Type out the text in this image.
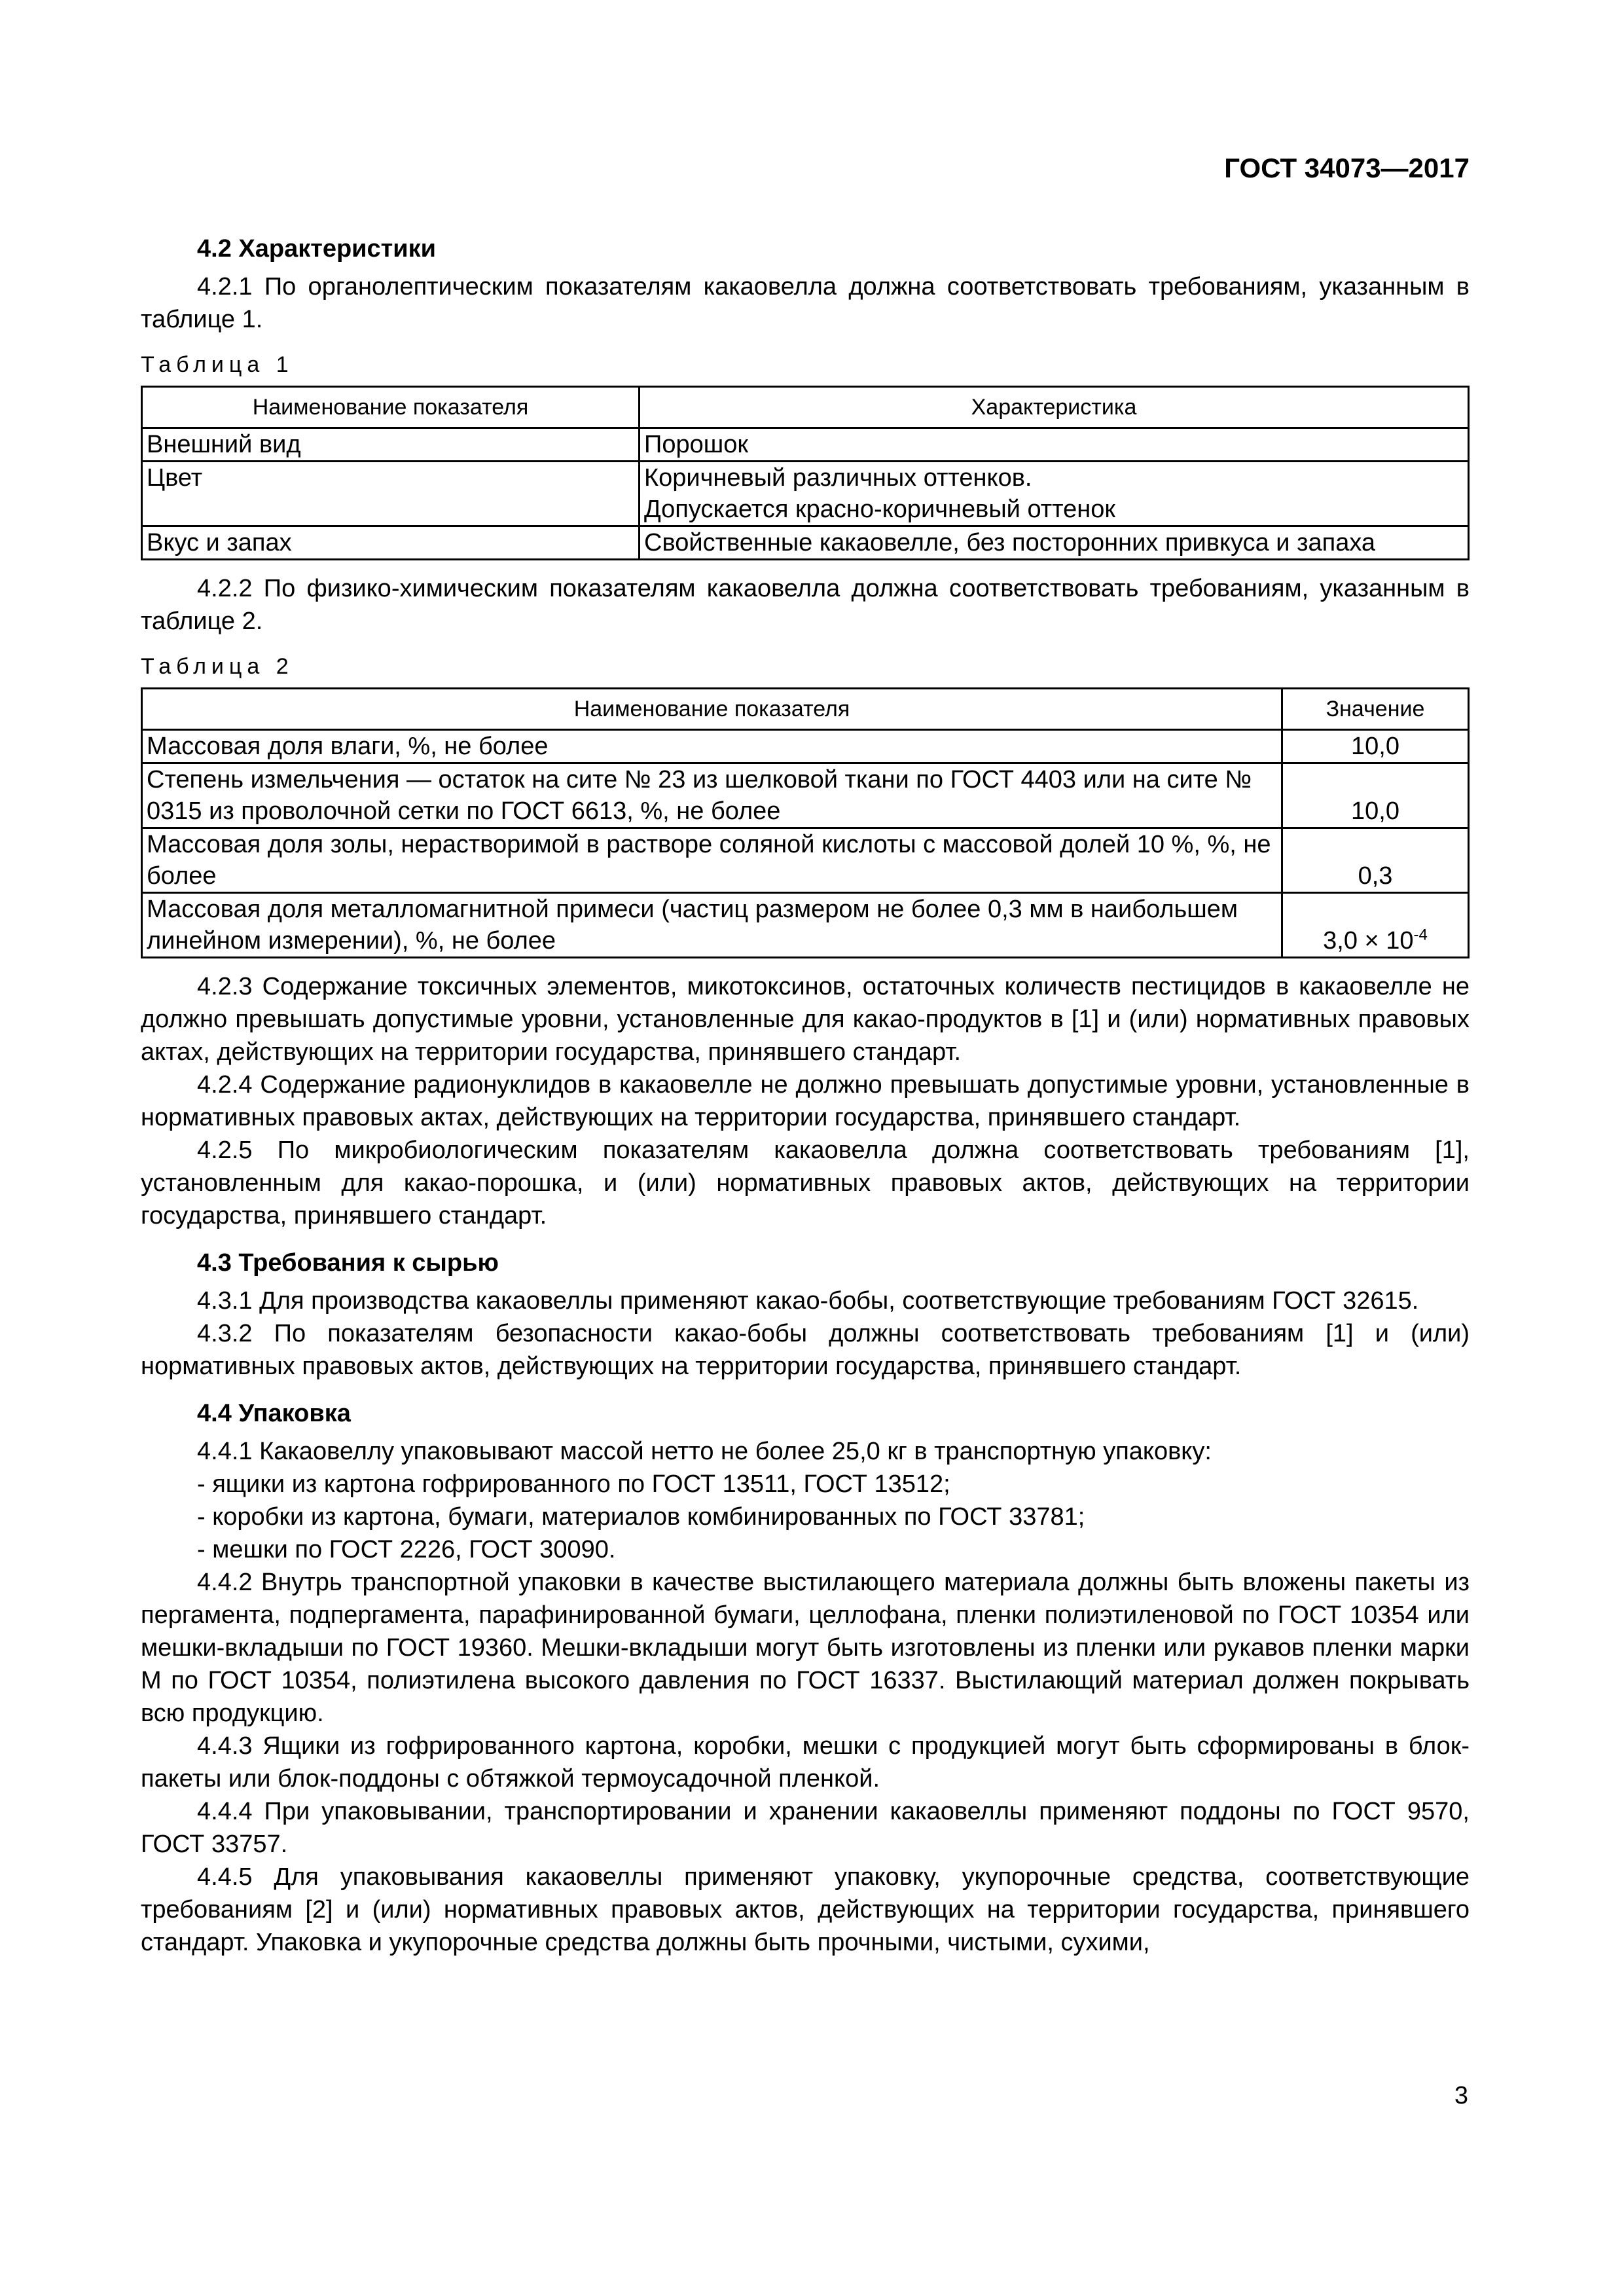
ГОСТ 34073—2017
4.2 Характеристики

4.2.1 По органолептическим показателям какаовелла должна соответствовать требованиям, указанным в таблице 1.

Таблица 1
Наименование показателя	Характеристика
Внешний вид	Порошок
Цвет	Коричневый различных оттенков.
Допускается красно-коричневый оттенок
Вкус и запах	Свойственные какаовелле, без посторонних привкуса и запаха

4.2.2 По физико-химическим показателям какаовелла должна соответствовать требованиям, указанным в таблице 2.

Таблица 2
Наименование показателя	Значение
Массовая доля влаги, %, не более	10,0
Степень измельчения — остаток на сите № 23 из шелковой ткани по ГОСТ 4403 или на сите № 0315 из проволочной сетки по ГОСТ 6613, %, не более	10,0
Массовая доля золы, нерастворимой в растворе соляной кислоты с массовой долей 10 %, %, не более	0,3
Массовая доля металломагнитной примеси (частиц размером не более 0,3 мм в наибольшем линейном измерении), %, не более	$3,0 \times 10^{-4}$

4.2.3 Содержание токсичных элементов, микотоксинов, остаточных количеств пестицидов в какаовелле не должно превышать допустимые уровни, установленные для какао-продуктов в [1] и (или) нормативных правовых актах, действующих на территории государства, принявшего стандарт.

4.2.4 Содержание радионуклидов в какаовелле не должно превышать допустимые уровни, установленные в нормативных правовых актах, действующих на территории государства, принявшего стандарт.

4.2.5 По микробиологическим показателям какаовелла должна соответствовать требованиям [1], установленным для какао-порошка, и (или) нормативных правовых актов, действующих на территории государства, принявшего стандарт.

4.3 Требования к сырью

4.3.1 Для производства какаовеллы применяют какао-бобы, соответствующие требованиям ГОСТ 32615.

4.3.2 По показателям безопасности какао-бобы должны соответствовать требованиям [1] и (или) нормативных правовых актов, действующих на территории государства, принявшего стандарт.

4.4 Упаковка

4.4.1 Какаовеллу упаковывают массой нетто не более 25,0 кг в транспортную упаковку:

- ящики из картона гофрированного по ГОСТ 13511, ГОСТ 13512;

- коробки из картона, бумаги, материалов комбинированных по ГОСТ 33781;

- мешки по ГОСТ 2226, ГОСТ 30090.

4.4.2 Внутрь транспортной упаковки в качестве выстилающего материала должны быть вложены пакеты из пергамента, подпергамента, парафинированной бумаги, целлофана, пленки полиэтиленовой по ГОСТ 10354 или мешки-вкладыши по ГОСТ 19360. Мешки-вкладыши могут быть изготовлены из пленки или рукавов пленки марки М по ГОСТ 10354, полиэтилена высокого давления по ГОСТ 16337. Выстилающий материал должен покрывать всю продукцию.

4.4.3 Ящики из гофрированного картона, коробки, мешки с продукцией могут быть сформированы в блок-пакеты или блок-поддоны с обтяжкой термоусадочной пленкой.

4.4.4 При упаковывании, транспортировании и хранении какаовеллы применяют поддоны по ГОСТ 9570, ГОСТ 33757.

4.4.5 Для упаковывания какаовеллы применяют упаковку, укупорочные средства, соответствующие требованиям [2] и (или) нормативных правовых актов, действующих на территории государства, принявшего стандарт. Упаковка и укупорочные средства должны быть прочными, чистыми, сухими,

3
